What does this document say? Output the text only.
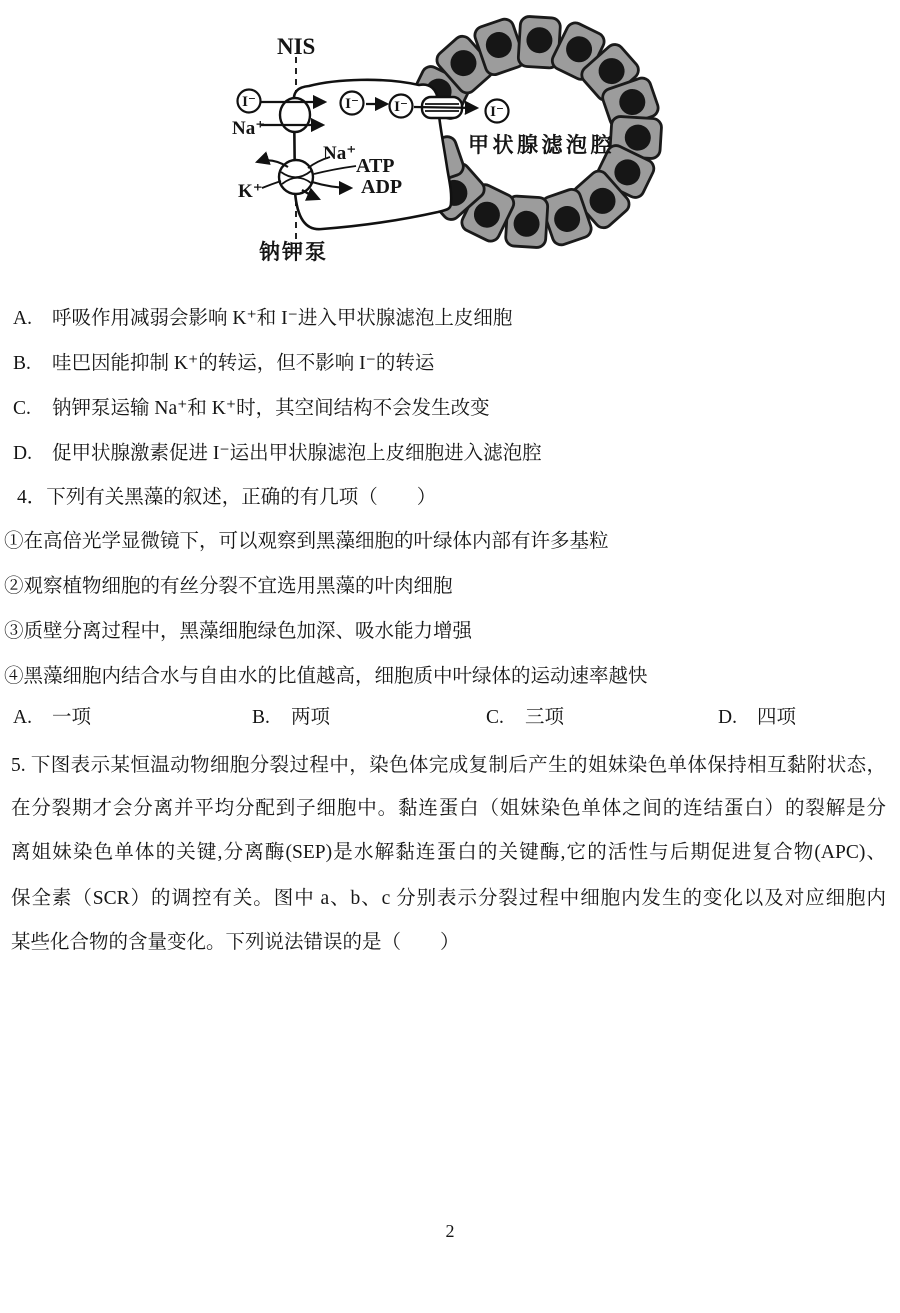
I⁻	I⁻ I⁻	I⁻
NIS
Na⁺
K⁺
Na⁺
ATP
ADP
甲状腺滤泡腔
钠钾泵
A. 呼吸作用减弱会影响 K⁺和 I⁻进入甲状腺滤泡上皮细胞
B. 哇巴因能抑制 K⁺的转运，但不影响 I⁻的转运
C. 钠钾泵运输 Na⁺和 K⁺时，其空间结构不会发生改变
D. 促甲状腺激素促进 I⁻运出甲状腺滤泡上皮细胞进入滤泡腔
4．下列有关黑藻的叙述，正确的有几项（　　）
①在高倍光学显微镜下，可以观察到黑藻细胞的叶绿体内部有许多基粒
②观察植物细胞的有丝分裂不宜选用黑藻的叶肉细胞
③质壁分离过程中，黑藻细胞绿色加深、吸水能力增强
④黑藻细胞内结合水与自由水的比值越高，细胞质中叶绿体的运动速率越快
A. 一项	B. 两项	C. 三项	D. 四项
5. 下图表示某恒温动物细胞分裂过程中，染色体完成复制后产生的姐妹染色单体保持相互黏附状态，
在分裂期才会分离并平均分配到子细胞中。黏连蛋白（姐妹染色单体之间的连结蛋白）的裂解是分
离姐妹染色单体的关键,分离酶(SEP)是水解黏连蛋白的关键酶,它的活性与后期促进复合物(APC)、
保全素（SCR）的调控有关。图中 a、b、c 分别表示分裂过程中细胞内发生的变化以及对应细胞内
某些化合物的含量变化。下列说法错误的是（　　）
2
